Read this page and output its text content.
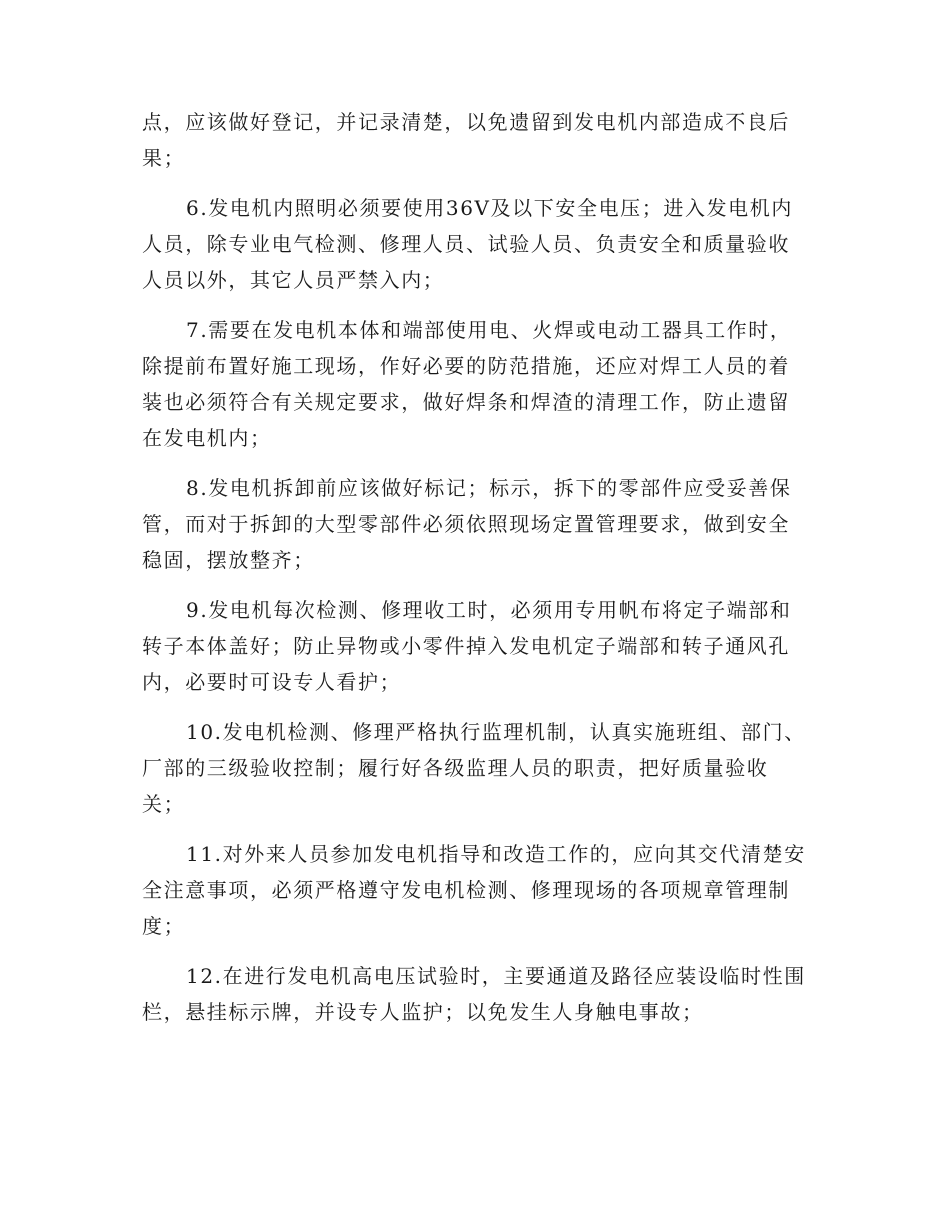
点，应该做好登记，并记录清楚，以免遗留到发电机内部造成不良后
果；
6.发电机内照明必须要使用36V及以下安全电压；进入发电机内
人员，除专业电气检测、修理人员、试验人员、负责安全和质量验收
人员以外，其它人员严禁入内；
7.需要在发电机本体和端部使用电、火焊或电动工器具工作时，
除提前布置好施工现场，作好必要的防范措施，还应对焊工人员的着
装也必须符合有关规定要求，做好焊条和焊渣的清理工作，防止遗留
在发电机内；
8.发电机拆卸前应该做好标记；标示，拆下的零部件应受妥善保
管，而对于拆卸的大型零部件必须依照现场定置管理要求，做到安全
稳固，摆放整齐；
9.发电机每次检测、修理收工时，必须用专用帆布将定子端部和
转子本体盖好；防止异物或小零件掉入发电机定子端部和转子通风孔
内，必要时可设专人看护；
10.发电机检测、修理严格执行监理机制，认真实施班组、部门、
厂部的三级验收控制；履行好各级监理人员的职责，把好质量验收
关；
11.对外来人员参加发电机指导和改造工作的，应向其交代清楚安
全注意事项，必须严格遵守发电机检测、修理现场的各项规章管理制
度；
12.在进行发电机高电压试验时，主要通道及路径应装设临时性围
栏，悬挂标示牌，并设专人监护；以免发生人身触电事故；
